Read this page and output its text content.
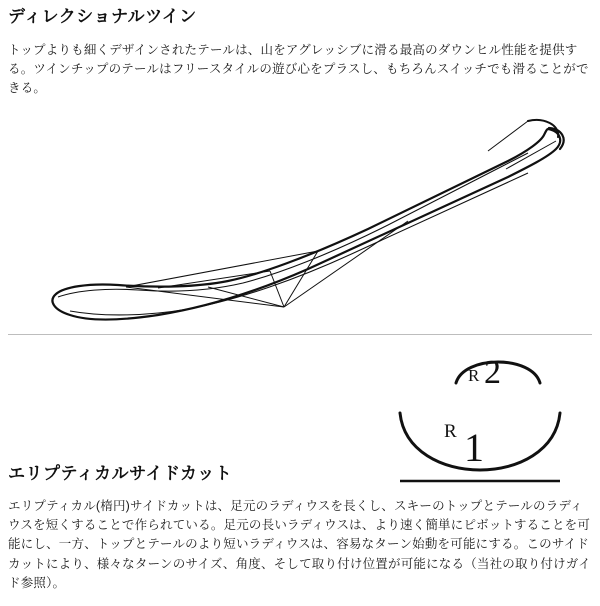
ディレクショナルツイン

トップよりも細くデザインされたテールは、山をアグレッシブに滑る最高のダウンヒル性能を提供する。ツインチップのテールはフリースタイルの遊び心をプラスし、もちろんスイッチでも滑ることができる。

R 2
R 1
エリプティカルサイドカット

エリプティカル(楕円)サイドカットは、足元のラディウスを長くし、スキーのトップとテールのラディウスを短くすることで作られている。足元の長いラディウスは、より速く簡単にピボットすることを可能にし、一方、トップとテールのより短いラディウスは、容易なターン始動を可能にする。このサイドカットにより、様々なターンのサイズ、角度、そして取り付け位置が可能になる（当社の取り付けガイド参照）。
